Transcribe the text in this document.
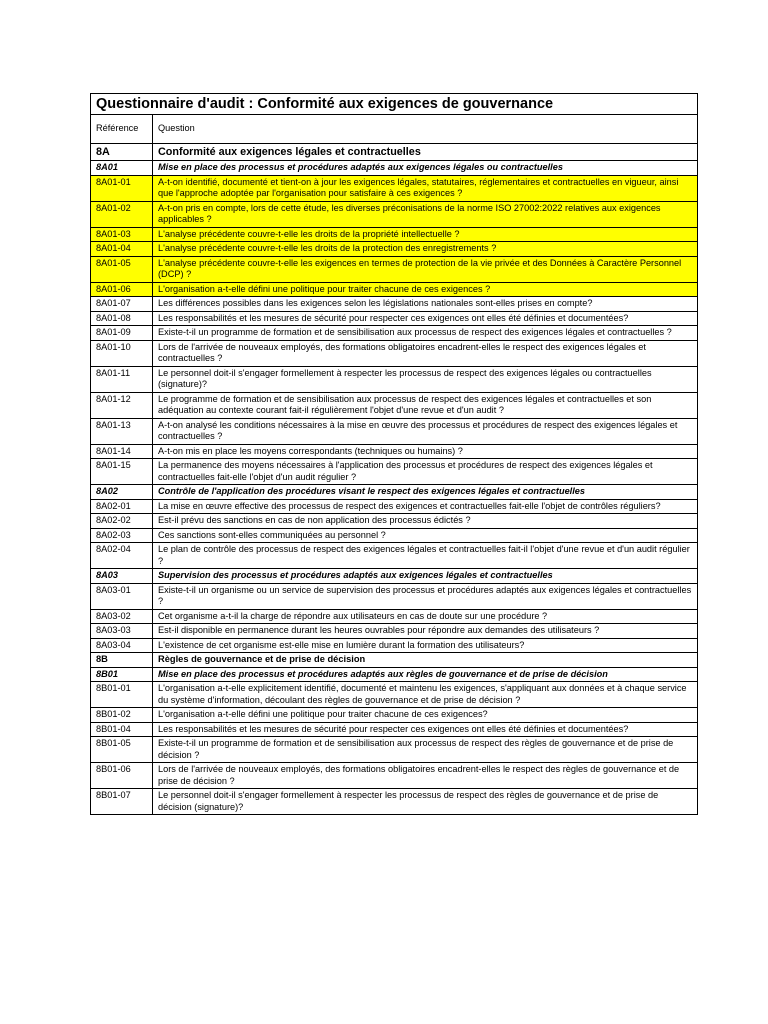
Questionnaire d'audit : Conformité aux exigences de gouvernance	
Référence	Question
8A	Conformité aux exigences légales et contractuelles
8A01	Mise en place des processus et procédures adaptés aux exigences légales ou contractuelles
8A01-01	A-t-on identifié, documenté et tient-on à jour les exigences légales, statutaires, réglementaires et contractuelles en vigueur, ainsi que l'approche adoptée par l'organisation pour satisfaire à ces exigences ?
8A01-02	A-t-on pris en compte, lors de cette étude, les diverses préconisations de la norme ISO 27002:2022 relatives aux exigences applicables ?
8A01-03	L'analyse précédente couvre-t-elle les droits de la propriété intellectuelle ?
8A01-04	L'analyse précédente couvre-t-elle les droits de la protection des enregistrements ?
8A01-05	L'analyse précédente couvre-t-elle les exigences en termes de protection de la vie privée et des Données à Caractère Personnel (DCP) ?
8A01-06	L'organisation a-t-elle défini une politique pour traiter chacune de ces exigences ?
8A01-07	Les différences possibles dans les exigences selon les législations nationales sont-elles prises en compte?
8A01-08	Les responsabilités et les mesures de sécurité pour respecter ces exigences ont elles été définies et documentées?
8A01-09	Existe-t-il un programme de formation et de sensibilisation aux processus de respect des exigences légales et contractuelles ?
8A01-10	Lors de l'arrivée de nouveaux employés, des formations obligatoires encadrent-elles le respect des exigences légales et contractuelles ?
8A01-11	Le personnel doit-il s'engager formellement à respecter les processus de respect des exigences légales ou contractuelles (signature)?
8A01-12	Le programme de formation et de sensibilisation aux processus de respect des exigences légales et contractuelles et son adéquation au contexte courant fait-il régulièrement l'objet d'une revue et d'un audit ?
8A01-13	A-t-on analysé les conditions nécessaires à la mise en œuvre des processus et procédures de respect des exigences légales et contractuelles ?
8A01-14	A-t-on mis en place les moyens correspondants (techniques ou humains) ?
8A01-15	La permanence des moyens nécessaires à l'application des processus et procédures de respect des exigences légales et contractuelles fait-elle l'objet d'un audit régulier ?
8A02	Contrôle de l'application des procédures visant le respect des exigences légales et contractuelles
8A02-01	La mise en œuvre effective des processus de respect des exigences et contractuelles fait-elle l'objet de contrôles réguliers?
8A02-02	Est-il prévu des sanctions en cas de non application des processus édictés ?
8A02-03	Ces sanctions sont-elles communiquées au personnel ?
8A02-04	Le plan de contrôle des processus de respect des exigences légales et contractuelles fait-il l'objet d'une revue et d'un audit régulier ?
8A03	Supervision des processus et procédures adaptés aux exigences légales et contractuelles
8A03-01	Existe-t-il un organisme ou un service de supervision des processus et procédures adaptés aux exigences légales et contractuelles ?
8A03-02	Cet organisme a-t-il la charge de répondre aux utilisateurs en cas de doute sur une procédure ?
8A03-03	Est-il disponible en permanence durant les heures ouvrables pour répondre aux demandes des utilisateurs ?
8A03-04	L'existence de cet organisme est-elle mise en lumière durant la formation des utilisateurs?
8B	Règles de gouvernance et de prise de décision
8B01	Mise en place des processus et procédures adaptés aux règles de gouvernance et de prise de décision
8B01-01	L'organisation a-t-elle explicitement identifié, documenté et maintenu les exigences, s'appliquant aux données et à chaque service du système d'information, découlant des règles de gouvernance et de prise de décision ?
8B01-02	L'organisation a-t-elle défini une politique pour traiter chacune de ces exigences?
8B01-04	Les responsabilités et les mesures de sécurité pour respecter ces exigences ont elles été définies et documentées?
8B01-05	Existe-t-il un programme de formation et de sensibilisation aux processus de respect des règles de gouvernance et de prise de décision ?
8B01-06	Lors de l'arrivée de nouveaux employés, des formations obligatoires encadrent-elles le respect des règles de gouvernance et de prise de décision ?
8B01-07	Le personnel doit-il s'engager formellement à respecter les processus de respect des règles de gouvernance et de prise de décision (signature)?
